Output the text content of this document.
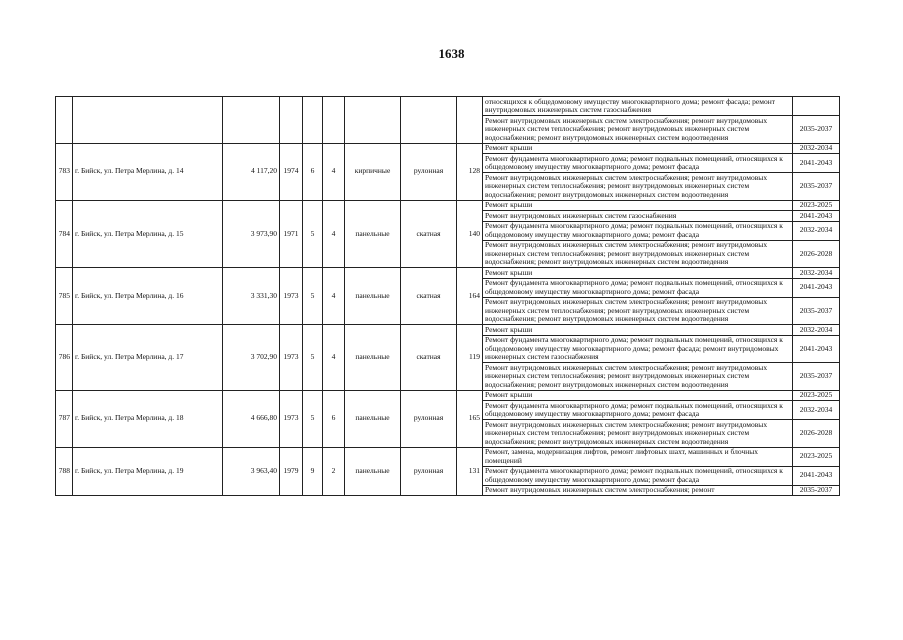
1638
									относящихся к общедомовому имуществу многоквартирного дома; ремонт фасада; ремонт внутридомовых инженерных систем газоснабжения	
									Ремонт внутридомовых инженерных систем электроснабжения; ремонт внутридомовых инженерных систем теплоснабжения; ремонт внутридомовых инженерных систем водоснабжения; ремонт внутридомовых инженерных систем водоотведения	2035-2037
783	г. Бийск, ул. Петра Мерлина, д. 14	4 117,20	1974	6	4	кирпичные	рулонная	128	Ремонт крыши	2032-2034
									Ремонт фундамента многоквартирного дома; ремонт подвальных помещений, относящихся к общедомовому имуществу многоквартирного дома; ремонт фасада	2041-2043
									Ремонт внутридомовых инженерных систем электроснабжения; ремонт внутридомовых инженерных систем теплоснабжения; ремонт внутридомовых инженерных систем водоснабжения; ремонт внутридомовых инженерных систем водоотведения	2035-2037
784	г. Бийск, ул. Петра Мерлина, д. 15	3 973,90	1971	5	4	панельные	скатная	140	Ремонт крыши	2023-2025
									Ремонт внутридомовых инженерных систем газоснабжения	2041-2043
									Ремонт фундамента многоквартирного дома; ремонт подвальных помещений, относящихся к общедомовому имуществу многоквартирного дома; ремонт фасада	2032-2034
									Ремонт внутридомовых инженерных систем электроснабжения; ремонт внутридомовых инженерных систем теплоснабжения; ремонт внутридомовых инженерных систем водоснабжения; ремонт внутридомовых инженерных систем водоотведения	2026-2028
785	г. Бийск, ул. Петра Мерлина, д. 16	3 331,30	1973	5	4	панельные	скатная	164	Ремонт крыши	2032-2034
									Ремонт фундамента многоквартирного дома; ремонт подвальных помещений, относящихся к общедомовому имуществу многоквартирного дома; ремонт фасада	2041-2043
									Ремонт внутридомовых инженерных систем электроснабжения; ремонт внутридомовых инженерных систем теплоснабжения; ремонт внутридомовых инженерных систем водоснабжения; ремонт внутридомовых инженерных систем водоотведения	2035-2037
786	г. Бийск, ул. Петра Мерлина, д. 17	3 702,90	1973	5	4	панельные	скатная	119	Ремонт крыши	2032-2034
									Ремонт фундамента многоквартирного дома; ремонт подвальных помещений, относящихся к общедомовому имуществу многоквартирного дома; ремонт фасада; ремонт внутридомовых инженерных систем газоснабжения	2041-2043
									Ремонт внутридомовых инженерных систем электроснабжения; ремонт внутридомовых инженерных систем теплоснабжения; ремонт внутридомовых инженерных систем водоснабжения; ремонт внутридомовых инженерных систем водоотведения	2035-2037
787	г. Бийск, ул. Петра Мерлина, д. 18	4 666,80	1973	5	6	панельные	рулонная	165	Ремонт крыши	2023-2025
									Ремонт фундамента многоквартирного дома; ремонт подвальных помещений, относящихся к общедомовому имуществу многоквартирного дома; ремонт фасада	2032-2034
									Ремонт внутридомовых инженерных систем электроснабжения; ремонт внутридомовых инженерных систем теплоснабжения; ремонт внутридомовых инженерных систем водоснабжения; ремонт внутридомовых инженерных систем водоотведения	2026-2028
788	г. Бийск, ул. Петра Мерлина, д. 19	3 963,40	1979	9	2	панельные	рулонная	131	Ремонт, замена, модернизация лифтов, ремонт лифтовых шахт, машинных и блочных помещений	2023-2025
									Ремонт фундамента многоквартирного дома; ремонт подвальных помещений, относящихся к общедомовому имуществу многоквартирного дома; ремонт фасада	2041-2043
									Ремонт внутридомовых инженерных систем электроснабжения; ремонт	2035-2037
